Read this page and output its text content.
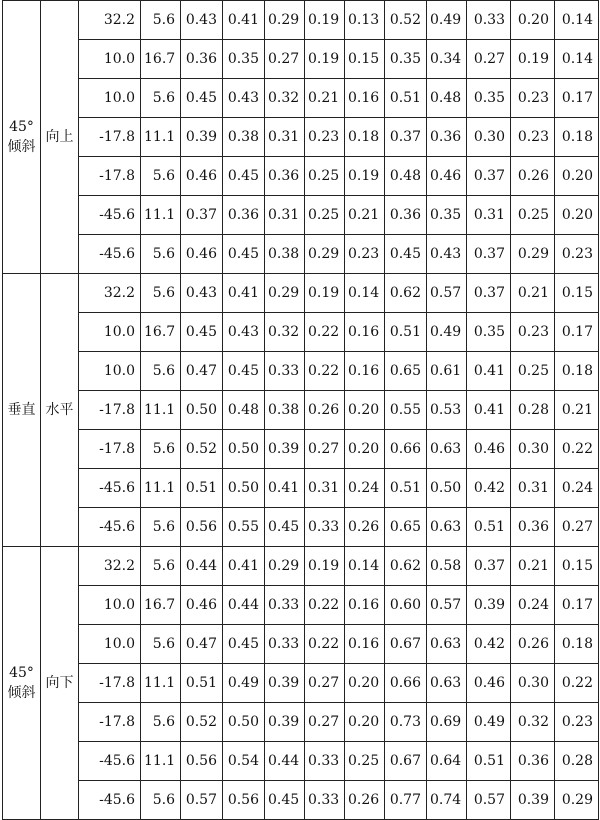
45°
倾斜	向上	32.2	5.6	0.43	0.41	0.29	0.19	0.13	0.52	0.49	0.33	0.20	0.14
		10.0	16.7	0.36	0.35	0.27	0.19	0.15	0.35	0.34	0.27	0.19	0.14
		10.0	5.6	0.45	0.43	0.32	0.21	0.16	0.51	0.48	0.35	0.23	0.17
		-17.8	11.1	0.39	0.38	0.31	0.23	0.18	0.37	0.36	0.30	0.23	0.18
		-17.8	5.6	0.46	0.45	0.36	0.25	0.19	0.48	0.46	0.37	0.26	0.20
		-45.6	11.1	0.37	0.36	0.31	0.25	0.21	0.36	0.35	0.31	0.25	0.20
		-45.6	5.6	0.46	0.45	0.38	0.29	0.23	0.45	0.43	0.37	0.29	0.23
垂直	水平	32.2	5.6	0.43	0.41	0.29	0.19	0.14	0.62	0.57	0.37	0.21	0.15
		10.0	16.7	0.45	0.43	0.32	0.22	0.16	0.51	0.49	0.35	0.23	0.17
		10.0	5.6	0.47	0.45	0.33	0.22	0.16	0.65	0.61	0.41	0.25	0.18
		-17.8	11.1	0.50	0.48	0.38	0.26	0.20	0.55	0.53	0.41	0.28	0.21
		-17.8	5.6	0.52	0.50	0.39	0.27	0.20	0.66	0.63	0.46	0.30	0.22
		-45.6	11.1	0.51	0.50	0.41	0.31	0.24	0.51	0.50	0.42	0.31	0.24
		-45.6	5.6	0.56	0.55	0.45	0.33	0.26	0.65	0.63	0.51	0.36	0.27
45°
倾斜	向下	32.2	5.6	0.44	0.41	0.29	0.19	0.14	0.62	0.58	0.37	0.21	0.15
		10.0	16.7	0.46	0.44	0.33	0.22	0.16	0.60	0.57	0.39	0.24	0.17
		10.0	5.6	0.47	0.45	0.33	0.22	0.16	0.67	0.63	0.42	0.26	0.18
		-17.8	11.1	0.51	0.49	0.39	0.27	0.20	0.66	0.63	0.46	0.30	0.22
		-17.8	5.6	0.52	0.50	0.39	0.27	0.20	0.73	0.69	0.49	0.32	0.23
		-45.6	11.1	0.56	0.54	0.44	0.33	0.25	0.67	0.64	0.51	0.36	0.28
		-45.6	5.6	0.57	0.56	0.45	0.33	0.26	0.77	0.74	0.57	0.39	0.29
